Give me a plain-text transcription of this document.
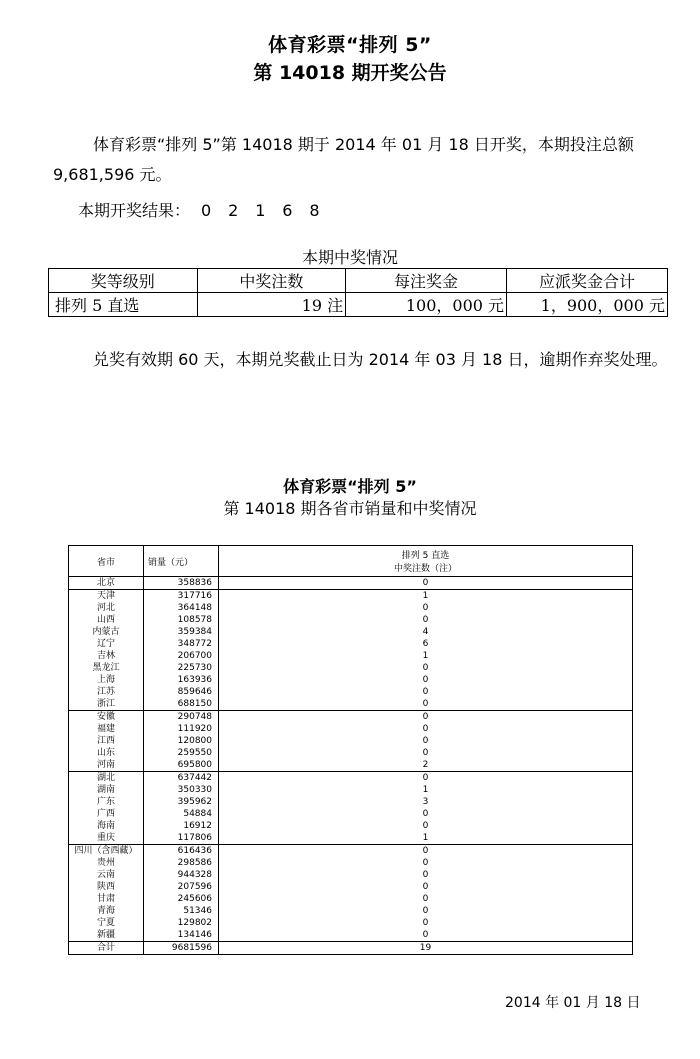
体育彩票“排列 5”
第 14018 期开奖公告
体育彩票“排列 5”第 14018 期于 2014 年 01 月 18 日开奖，本期投注总额 9,681,596 元。
本期开奖结果： 0 2 1 6 8
本期中奖情况
奖等级别	中奖注数	每注奖金	应派奖金合计
排列 5 直选	19 注	100，000 元	1，900，000 元
兑奖有效期 60 天，本期兑奖截止日为 2014 年 03 月 18 日，逾期作弃奖处理。
体育彩票“排列 5”
第 14018 期各省市销量和中奖情况
省市	销量（元）	排列 5 直选
中奖注数（注）

北京	358836	0
天津	317716	1
河北	364148	0
山西	108578	0
内蒙古	359384	4
辽宁	348772	6
吉林	206700	1
黑龙江	225730	0
上海	163936	0
江苏	859646	0
浙江	688150	0
安徽	290748	0
福建	111920	0
江西	120800	0
山东	259550	0
河南	695800	2
湖北	637442	0
湖南	350330	1
广东	395962	3
广西	54884	0
海南	16912	0
重庆	117806	1
四川（含西藏）	616436	0
贵州	298586	0
云南	944328	0
陕西	207596	0
甘肃	245606	0
青海	51346	0
宁夏	129802	0
新疆	134146	0
合计	9681596	19
2014 年 01 月 18 日
